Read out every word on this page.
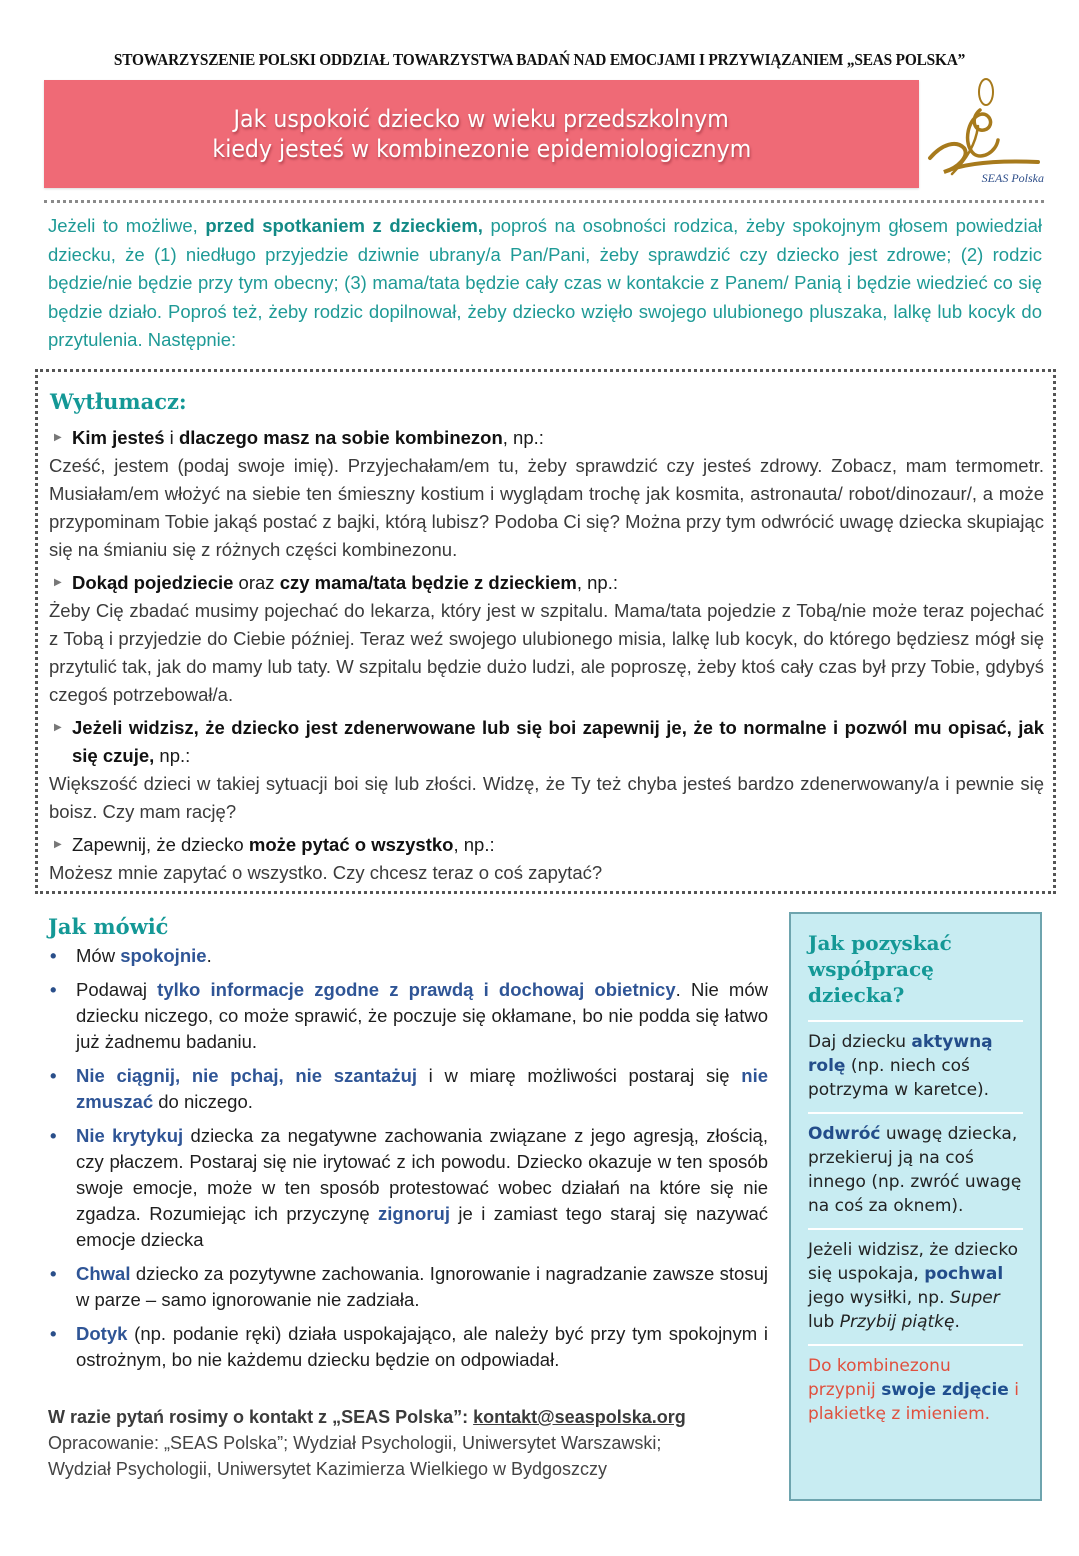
STOWARZYSZENIE POLSKI ODDZIAŁ TOWARZYSTWA BADAŃ NAD EMOCJAMI I PRZYWIĄZANIEM „SEAS POLSKA”
Jak uspokoić dziecko w wieku przedszkolnym
kiedy jesteś w kombinezonie epidemiologicznym
SEAS Polska

Jeżeli to możliwe, przed spotkaniem z dzieckiem, poproś na osobności rodzica, żeby spokojnym głosem powiedział dziecku, że (1) niedługo przyjedzie dziwnie ubrany/a Pan/Pani, żeby sprawdzić czy dziecko jest zdrowe; (2) rodzic będzie/nie będzie przy tym obecny; (3) mama/tata będzie cały czas w kontakcie z Panem/ Panią i będzie wiedzieć co się będzie działo. Poproś też, żeby rodzic dopilnował, żeby dziecko wzięło swojego ulubionego pluszaka, lalkę lub kocyk do przytulenia. Następnie:

Wytłumacz:
▶ Kim jesteś i dlaczego masz na sobie kombinezon, np.:
Cześć, jestem (podaj swoje imię). Przyjechałam/em tu, żeby sprawdzić czy jesteś zdrowy. Zobacz, mam termometr. Musiałam/em włożyć na siebie ten śmieszny kostium i wyglądam trochę jak kosmita, astronauta/ robot/dinozaur/, a może przypominam Tobie jakąś postać z bajki, którą lubisz? Podoba Ci się? Można przy tym odwrócić uwagę dziecka skupiając się na śmianiu się z różnych części kombinezonu.
▶ Dokąd pojedziecie oraz czy mama/tata będzie z dzieckiem, np.:
Żeby Cię zbadać musimy pojechać do lekarza, który jest w szpitalu. Mama/tata pojedzie z Tobą/nie może teraz pojechać z Tobą i przyjedzie do Ciebie później. Teraz weź swojego ulubionego misia, lalkę lub kocyk, do którego będziesz mógł się przytulić tak, jak do mamy lub taty. W szpitalu będzie dużo ludzi, ale poproszę, żeby ktoś cały czas był przy Tobie, gdybyś czegoś potrzebował/a.
▶ Jeżeli widzisz, że dziecko jest zdenerwowane lub się boi zapewnij je, że to normalne i pozwól mu opisać, jak się czuje, np.:
Większość dzieci w takiej sytuacji boi się lub złości. Widzę, że Ty też chyba jesteś bardzo zdenerwowany/a i pewnie się boisz. Czy mam rację?
▶ Zapewnij, że dziecko może pytać o wszystko, np.:
Możesz mnie zapytać o wszystko. Czy chcesz teraz o coś zapytać?
Jak mówić
• Mów spokojnie.
• Podawaj tylko informacje zgodne z prawdą i dochowaj obietnicy. Nie mów dziecku niczego, co może sprawić, że poczuje się okłamane, bo nie podda się łatwo już żadnemu badaniu.
• Nie ciągnij, nie pchaj, nie szantażuj i w miarę możliwości postaraj się nie zmuszać do niczego.
• Nie krytykuj dziecka za negatywne zachowania związane z jego agresją, złością, czy płaczem. Postaraj się nie irytować z ich powodu. Dziecko okazuje w ten sposób swoje emocje, może w ten sposób protestować wobec działań na które się nie zgadza. Rozumiejąc ich przyczynę zignoruj je i zamiast tego staraj się nazywać emocje dziecka
• Chwal dziecko za pozytywne zachowania. Ignorowanie i nagradzanie zawsze stosuj w parze – samo ignorowanie nie zadziała.
• Dotyk (np. podanie ręki) działa uspokajająco, ale należy być przy tym spokojnym i ostrożnym, bo nie każdemu dziecku będzie on odpowiadał.
W razie pytań rosimy o kontakt z „SEAS Polska”: kontakt@seaspolska.org
Opracowanie: „SEAS Polska”; Wydział Psychologii, Uniwersytet Warszawski;
Wydział Psychologii, Uniwersytet Kazimierza Wielkiego w Bydgoszczy
Jak pozyskać współpracę dziecka?
Daj dziecku aktywną rolę (np. niech coś potrzyma w karetce).
Odwróć uwagę dziecka, przekieruj ją na coś innego (np. zwróć uwagę na coś za oknem).
Jeżeli widzisz, że dziecko się uspokaja, pochwal jego wysiłki, np. Super lub Przybij piątkę.
Do kombinezonu przypnij swoje zdjęcie i plakietkę z imieniem.
